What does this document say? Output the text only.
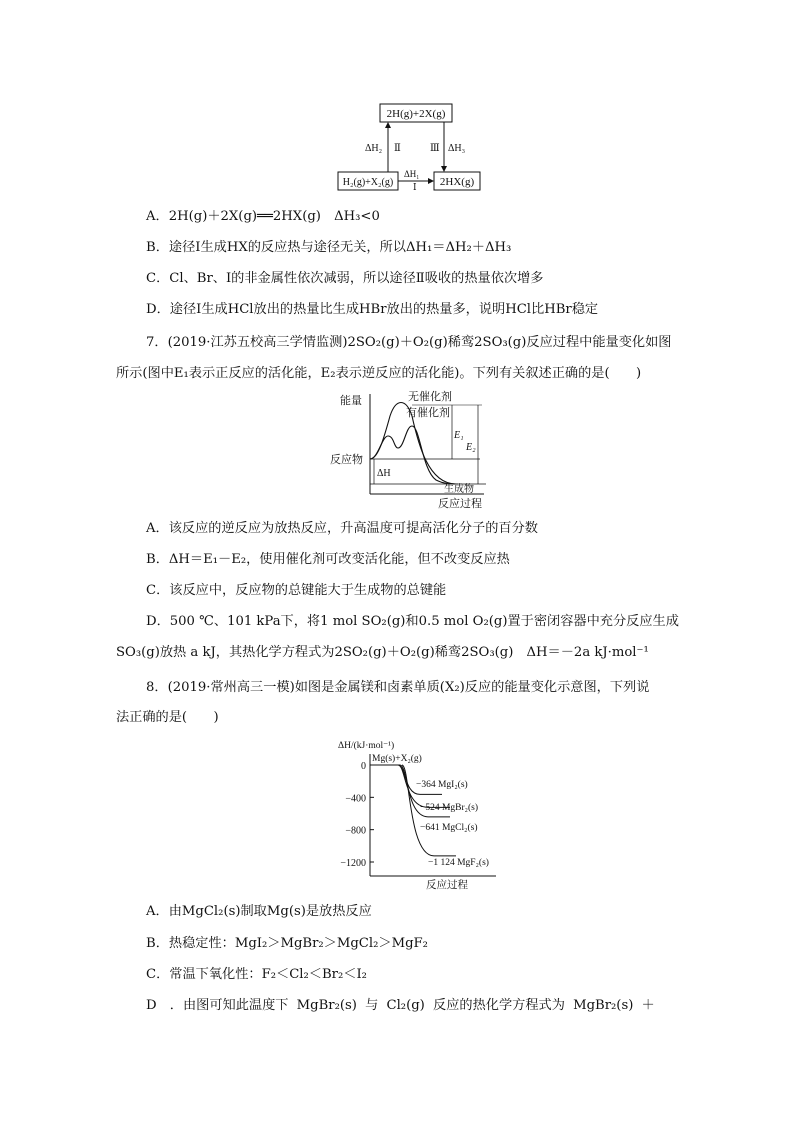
2H(g)+2X(g)
H₂(g)+X₂(g)	2HX(g)
ΔH₂ Ⅱ	Ⅲ ΔH₃
ΔH₁
Ⅰ
A．2H(g)＋2X(g)══2HX(g)　ΔH₃<0
B．途径Ⅰ生成HX的反应热与途径无关，所以ΔH₁＝ΔH₂＋ΔH₃
C．Cl、Br、I的非金属性依次减弱，所以途径Ⅱ吸收的热量依次增多
D．途径Ⅰ生成HCl放出的热量比生成HBr放出的热量多，说明HCl比HBr稳定
7．(2019·江苏五校高三学情监测)2SO₂(g)＋O₂(g)稀鸾2SO₃(g)反应过程中能量变化如图
所示(图中E₁表示正反应的活化能，E₂表示逆反应的活化能)。下列有关叙述正确的是(　　)
能量
反应过程
反应物
生成物
无催化剂
有催化剂
E₁
E₂
ΔH
A．该反应的逆反应为放热反应，升高温度可提高活化分子的百分数
B．ΔH＝E₁－E₂，使用催化剂可改变活化能，但不改变反应热
C．该反应中，反应物的总键能大于生成物的总键能
D．500 ℃、101 kPa下，将1 mol SO₂(g)和0.5 mol O₂(g)置于密闭容器中充分反应生成
SO₃(g)放热 a kJ，其热化学方程式为2SO₂(g)＋O₂(g)稀鸾2SO₃(g)　ΔH＝－2a kJ·mol⁻¹
8．(2019·常州高三一模)如图是金属镁和卤素单质(X₂)反应的能量变化示意图，下列说
法正确的是(　　)
ΔH/(kJ·mol⁻¹)
反应过程
Mg(s)+X₂(g)
0
−400
−800
−1200
−364 MgI₂(s)
−524 MgBr₂(s)
−641 MgCl₂(s)
−1 124 MgF₂(s)
A．由MgCl₂(s)制取Mg(s)是放热反应
B．热稳定性：MgI₂＞MgBr₂＞MgCl₂＞MgF₂
C．常温下氧化性：F₂＜Cl₂＜Br₂＜I₂
D　．由图可知此温度下 MgBr₂(s) 与 Cl₂(g) 反应的热化学方程式为 MgBr₂(s) ＋
